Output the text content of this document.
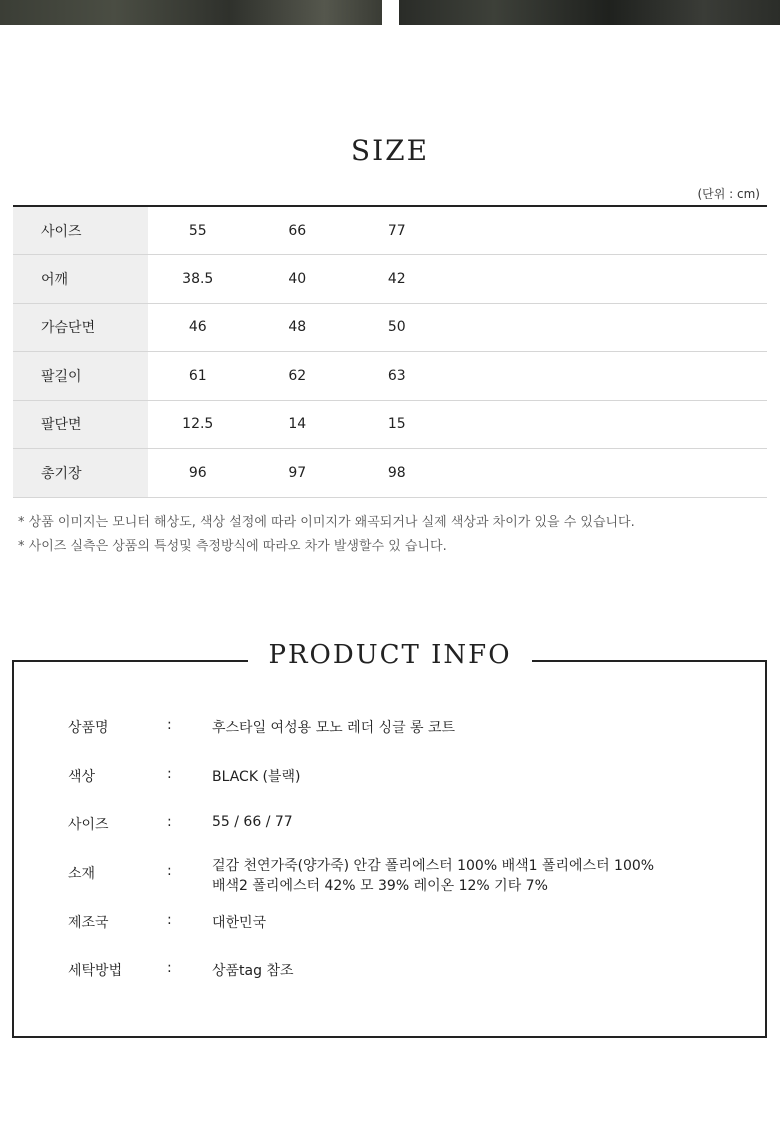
SIZE
(단위 : cm)
사이즈	55	66	77	
어깨	38.5	40	42	
가슴단면	46	48	50	
팔길이	61	62	63	
팔단면	12.5	14	15	
총기장	96	97	98	
* 상품 이미지는 모니터 해상도, 색상 설정에 따라 이미지가 왜곡되거나 실제 색상과 차이가 있을 수 있습니다.
* 사이즈 실측은 상품의 특성및 측정방식에 따라오 차가 발생할수 있 습니다.
PRODUCT INFO
상품명	:	후스타일 여성용 모노 레더 싱글 롱 코트
색상	:	BLACK (블랙)
사이즈	:	55 / 66 / 77
소재	:	겉감 천연가죽(양가죽) 안감 폴리에스터 100% 배색1 폴리에스터 100%
배색2 폴리에스터 42% 모 39% 레이온 12% 기타 7%
제조국	:	대한민국
세탁방법	:	상품tag 참조
